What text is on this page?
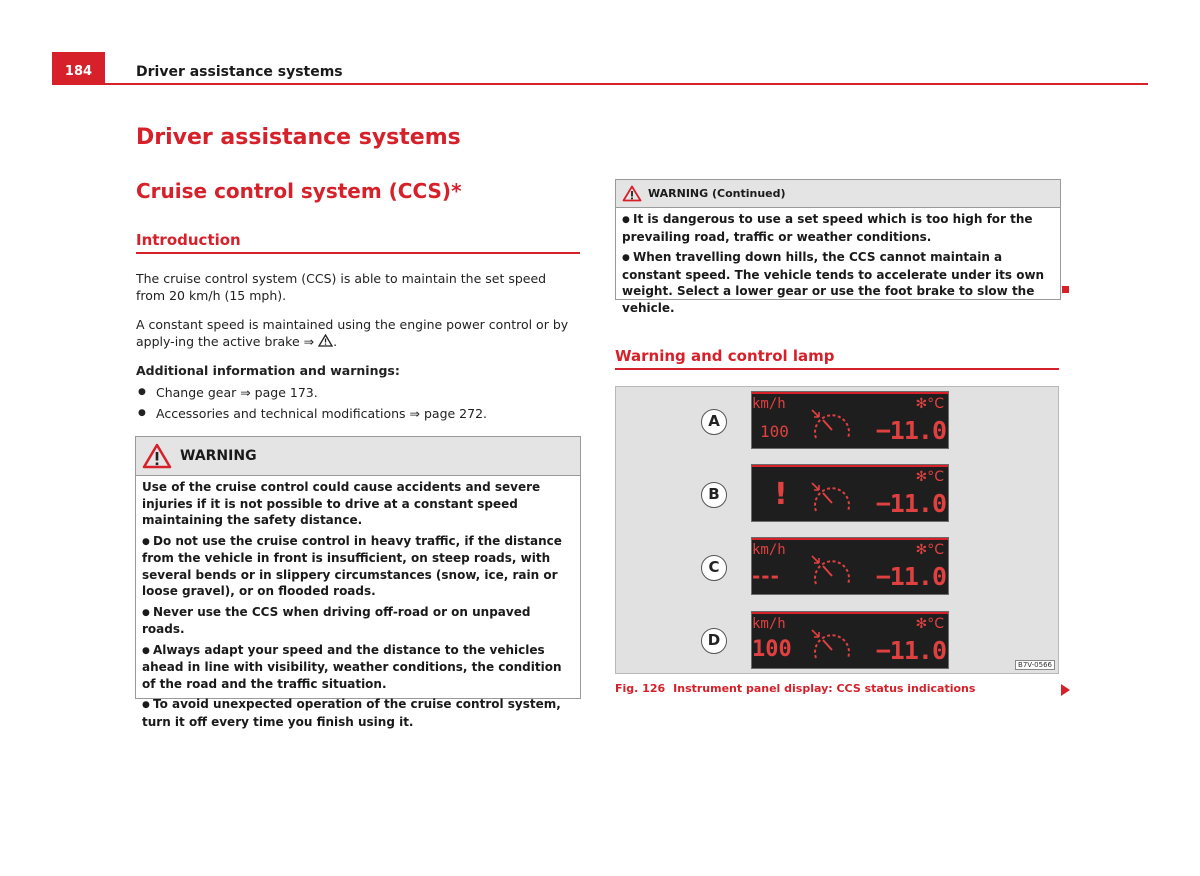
184	Driver assistance systems
Driver assistance systems
Cruise control system (CCS)*
Introduction
The cruise control system (CCS) is able to maintain the set speed from 20 km/h (15 mph).
A constant speed is maintained using the engine power control or by apply-ing the active brake ⇒ .
Additional information and warnings:
● Change gear ⇒ page 173.
● Accessories and technical modifications ⇒ page 272.
WARNING

Use of the cruise control could cause accidents and severe injuries if it is not possible to drive at a constant speed maintaining the safety distance.

● Do not use the cruise control in heavy traffic, if the distance from the vehicle in front is insufficient, on steep roads, with several bends or in slippery circumstances (snow, ice, rain or loose gravel), or on flooded roads.

● Never use the CCS when driving off-road or on unpaved roads.

● Always adapt your speed and the distance to the vehicles ahead in line with visibility, weather conditions, the condition of the road and the traffic situation.

● To avoid unexpected operation of the cruise control system, turn it off every time you finish using it.

WARNING (Continued)

● It is dangerous to use a set speed which is too high for the prevailing road, traffic or weather conditions.

● When travelling down hills, the CCS cannot maintain a constant speed. The vehicle tends to accelerate under its own weight. Select a lower gear or use the foot brake to slow the vehicle.

Warning and control lamp
A
km/h
100
✻°C
−11.0
B !	✻°C
−11.0
C
km/h
---
✻°C
−11.0
D
km/h
100
✻°C
−11.0	B7V-0566
Fig. 126 Instrument panel display: CCS status indications
